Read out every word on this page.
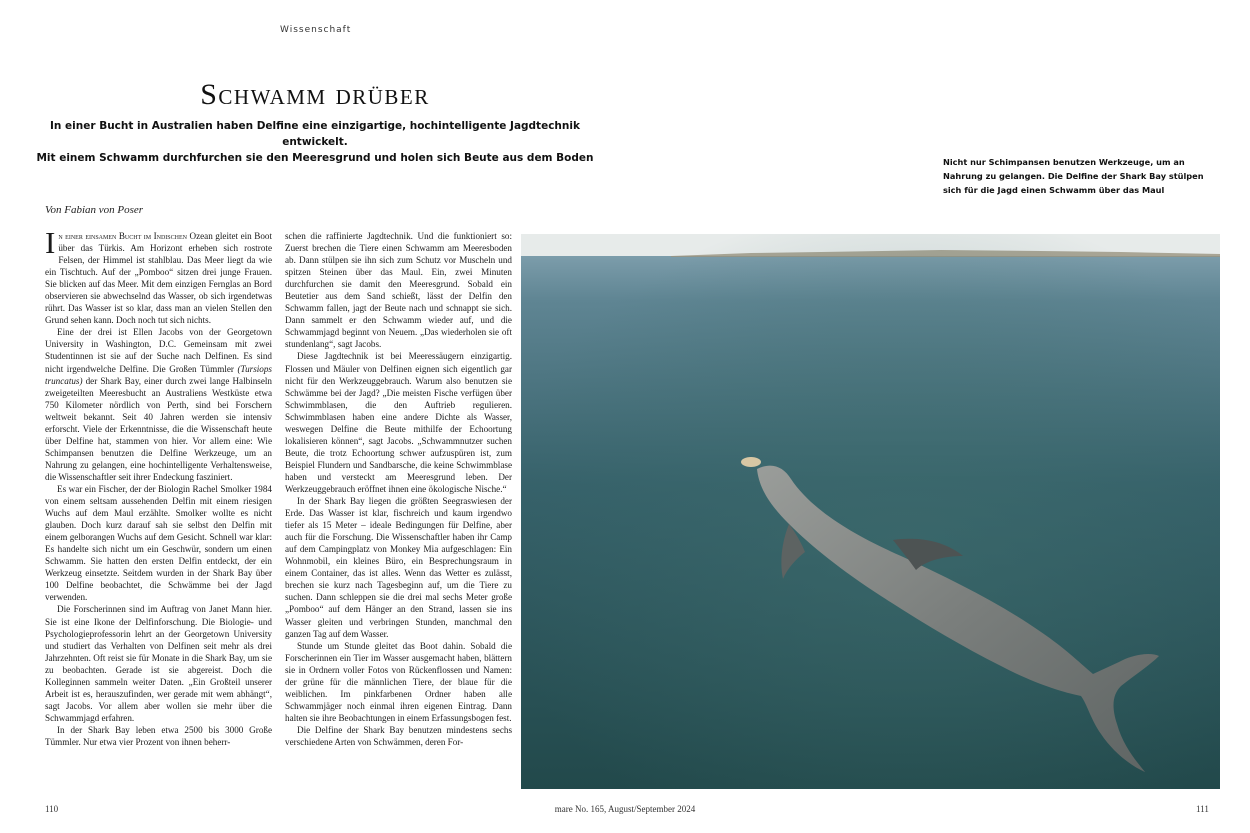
Wissenschaft
Schwamm drüber
In einer Bucht in Australien haben Delfine eine einzigartige, hochintelligente Jagdtechnik entwickelt.
Mit einem Schwamm durchfurchen sie den Meeresgrund und holen sich Beute aus dem Boden	Nicht nur Schimpansen benutzen Werkzeuge, um an Nahrung zu gelangen. Die Delfine der Shark Bay stülpen sich für die Jagd einen Schwamm über das Maul
Von Fabian von Poser

In einer einsamen Bucht im Indischen Ozean gleitet ein Boot über das Türkis. Am Horizont erheben sich rostrote Felsen, der Himmel ist stahlblau. Das Meer liegt da wie ein Tischtuch. Auf der „Pomboo“ sitzen drei junge Frauen. Sie blicken auf das Meer. Mit dem einzigen Fernglas an Bord observieren sie abwechselnd das Wasser, ob sich irgendetwas rührt. Das Wasser ist so klar, dass man an vielen Stellen den Grund sehen kann. Doch noch tut sich nichts.

Eine der drei ist Ellen Jacobs von der Georgetown University in Washington, D.C. Gemeinsam mit zwei Studentinnen ist sie auf der Suche nach Delfinen. Es sind nicht irgendwelche Delfine. Die Großen Tümmler (Tursiops truncatus) der Shark Bay, einer durch zwei lange Halbinseln zweigeteilten Meeresbucht an Australiens Westküste etwa 750 Kilometer nördlich von Perth, sind bei Forschern weltweit bekannt. Seit 40 Jahren werden sie intensiv erforscht. Viele der Erkenntnisse, die die Wissenschaft heute über Delfine hat, stammen von hier. Vor allem eine: Wie Schimpansen benutzen die Delfine Werkzeuge, um an Nahrung zu gelangen, eine hochintelligente Verhaltensweise, die Wissenschaftler seit ihrer Endeckung fasziniert.

Es war ein Fischer, der der Biologin Rachel Smolker 1984 von einem seltsam aussehenden Delfin mit einem riesigen Wuchs auf dem Maul erzählte. Smolker wollte es nicht glauben. Doch kurz darauf sah sie selbst den Delfin mit einem gelborangen Wuchs auf dem Gesicht. Schnell war klar: Es handelte sich nicht um ein Geschwür, sondern um einen Schwamm. Sie hatten den ersten Delfin entdeckt, der ein Werkzeug einsetzte. Seitdem wurden in der Shark Bay über 100 Delfine beobachtet, die Schwämme bei der Jagd verwenden.

Die Forscherinnen sind im Auftrag von Janet Mann hier. Sie ist eine Ikone der Delfinforschung. Die Biologie- und Psychologieprofessorin lehrt an der Georgetown University und studiert das Verhalten von Delfinen seit mehr als drei Jahrzehnten. Oft reist sie für Monate in die Shark Bay, um sie zu beobachten. Gerade ist sie abgereist. Doch die Kolleginnen sammeln weiter Daten. „Ein Großteil unserer Arbeit ist es, herauszufinden, wer gerade mit wem abhängt“, sagt Jacobs. Vor allem aber wollen sie mehr über die Schwammjagd erfahren.

In der Shark Bay leben etwa 2500 bis 3000 Große Tümmler. Nur etwa vier Prozent von ihnen beherr-

schen die raffinierte Jagdtechnik. Und die funktioniert so: Zuerst brechen die Tiere einen Schwamm am Meeresboden ab. Dann stülpen sie ihn sich zum Schutz vor Muscheln und spitzen Steinen über das Maul. Ein, zwei Minuten durchfurchen sie damit den Meeresgrund. Sobald ein Beutetier aus dem Sand schießt, lässt der Delfin den Schwamm fallen, jagt der Beute nach und schnappt sie sich. Dann sammelt er den Schwamm wieder auf, und die Schwammjagd beginnt von Neuem. „Das wiederholen sie oft stundenlang“, sagt Jacobs.

Diese Jagdtechnik ist bei Meeressäugern einzigartig. Flossen und Mäuler von Delfinen eignen sich eigentlich gar nicht für den Werkzeuggebrauch. Warum also benutzen sie Schwämme bei der Jagd? „Die meisten Fische verfügen über Schwimmblasen, die den Auftrieb regulieren. Schwimmblasen haben eine andere Dichte als Wasser, weswegen Delfine die Beute mithilfe der Echoortung lokalisieren können“, sagt Jacobs. „Schwammnutzer suchen Beute, die trotz Echoortung schwer aufzuspüren ist, zum Beispiel Flundern und Sandbarsche, die keine Schwimmblase haben und versteckt am Meeresgrund leben. Der Werkzeuggebrauch eröffnet ihnen eine ökologische Nische.“

In der Shark Bay liegen die größten Seegraswiesen der Erde. Das Wasser ist klar, fischreich und kaum irgendwo tiefer als 15 Meter – ideale Bedingungen für Delfine, aber auch für die Forschung. Die Wissenschaftler haben ihr Camp auf dem Campingplatz von Monkey Mia aufgeschlagen: Ein Wohnmobil, ein kleines Büro, ein Besprechungsraum in einem Container, das ist alles. Wenn das Wetter es zulässt, brechen sie kurz nach Tagesbeginn auf, um die Tiere zu suchen. Dann schleppen sie die drei mal sechs Meter große „Pomboo“ auf dem Hänger an den Strand, lassen sie ins Wasser gleiten und verbringen Stunden, manchmal den ganzen Tag auf dem Wasser.

Stunde um Stunde gleitet das Boot dahin. Sobald die Forscherinnen ein Tier im Wasser ausgemacht haben, blättern sie in Ordnern voller Fotos von Rückenflossen und Namen: der grüne für die männlichen Tiere, der blaue für die weiblichen. Im pinkfarbenen Ordner haben alle Schwammjäger noch einmal ihren eigenen Eintrag. Dann halten sie ihre Beobachtungen in einem Erfassungsbogen fest.

Die Delfine der Shark Bay benutzen mindestens sechs verschiedene Arten von Schwämmen, deren For-

110	mare No. 165, August/September 2024	111
